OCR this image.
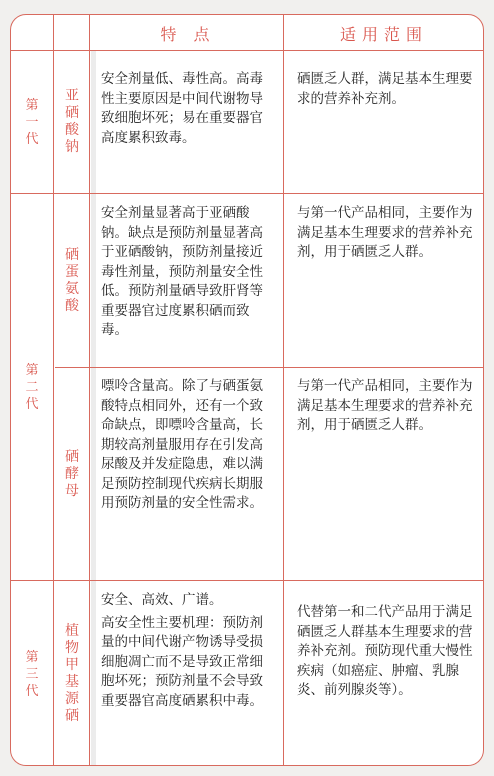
特 点	适用范围
第一代
第二代
第三代
亚硒酸钠
安全剂量低、毒性高。高毒性主要原因是中间代谢物导致细胞坏死；易在重要器官高度累积致毒。
硒匮乏人群，满足基本生理要求的营养补充剂。
硒蛋氨酸
安全剂量显著高于亚硒酸钠。缺点是预防剂量显著高于亚硒酸钠，预防剂量接近毒性剂量，预防剂量安全性低。预防剂量硒导致肝肾等重要器官过度累积硒而致毒。
与第一代产品相同，主要作为满足基本生理要求的营养补充剂，用于硒匮乏人群。
硒酵母
嘌呤含量高。除了与硒蛋氨酸特点相同外，还有一个致命缺点，即嘌呤含量高，长期较高剂量服用存在引发高尿酸及并发症隐患，难以满足预防控制现代疾病长期服用预防剂量的安全性需求。
与第一代产品相同，主要作为满足基本生理要求的营养补充剂，用于硒匮乏人群。
植物甲基源硒

安全、高效、广谱。

高安全性主要机理：预防剂量的中间代谢产物诱导受损细胞凋亡而不是导致正常细胞坏死；预防剂量不会导致重要器官高度硒累积中毒。

代替第一和二代产品用于满足硒匮乏人群基本生理要求的营养补充剂。预防现代重大慢性疾病（如癌症、肿瘤、乳腺炎、前列腺炎等）。
